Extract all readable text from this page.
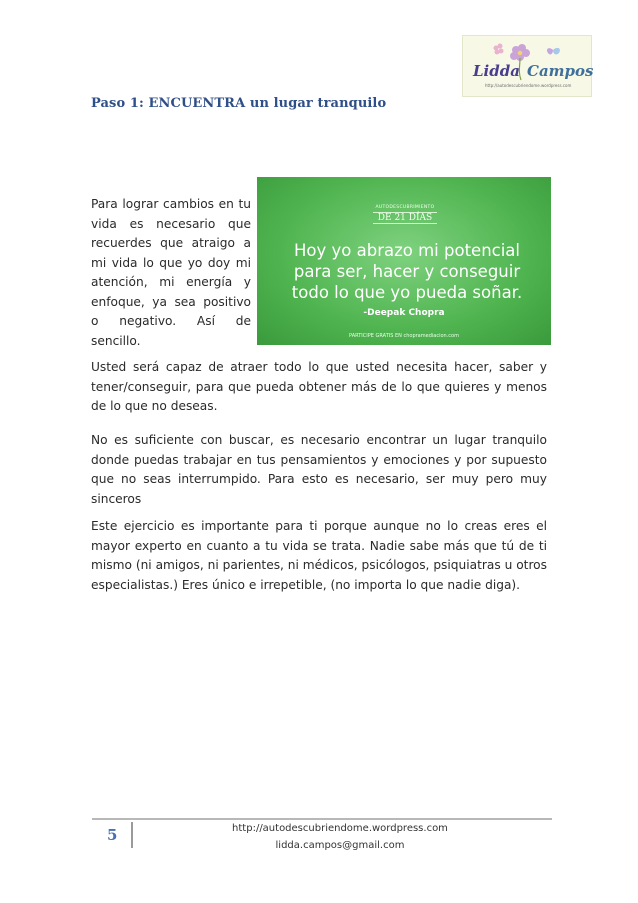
Lidda Campos
http://autodescubriendome.wordpress.com
Paso 1: ENCUENTRA un lugar tranquilo

Para lograr cambios en tu vida es necesario que recuerdes que atraigo a mi vida lo que yo doy mi atención, mi energía y enfoque, ya sea positivo o negativo. Así de sencillo.

AUTODESCUBRIMIENTO
DE 21 DÍAS
Hoy yo abrazo mi potencial para ser, hacer y conseguir todo lo que yo pueda soñar.
-Deepak Chopra
PARTICIPE GRATIS EN chopramediacion.com

Usted será capaz de atraer todo lo que usted necesita hacer, saber y tener/conseguir, para que pueda obtener más de lo que quieres y menos de lo que no deseas.

No es suficiente con buscar, es necesario encontrar un lugar tranquilo donde puedas trabajar en tus pensamientos y emociones y por supuesto que no seas interrumpido. Para esto es necesario, ser muy pero muy sinceros

Este ejercicio es importante para ti porque aunque no lo creas eres el mayor experto en cuanto a tu vida se trata. Nadie sabe más que tú de ti mismo (ni amigos, ni parientes, ni médicos, psicólogos, psiquiatras u otros especialistas.) Eres único e irrepetible, (no importa lo que nadie diga).

5	http://autodescubriendome.wordpress.com
lidda.campos@gmail.com
